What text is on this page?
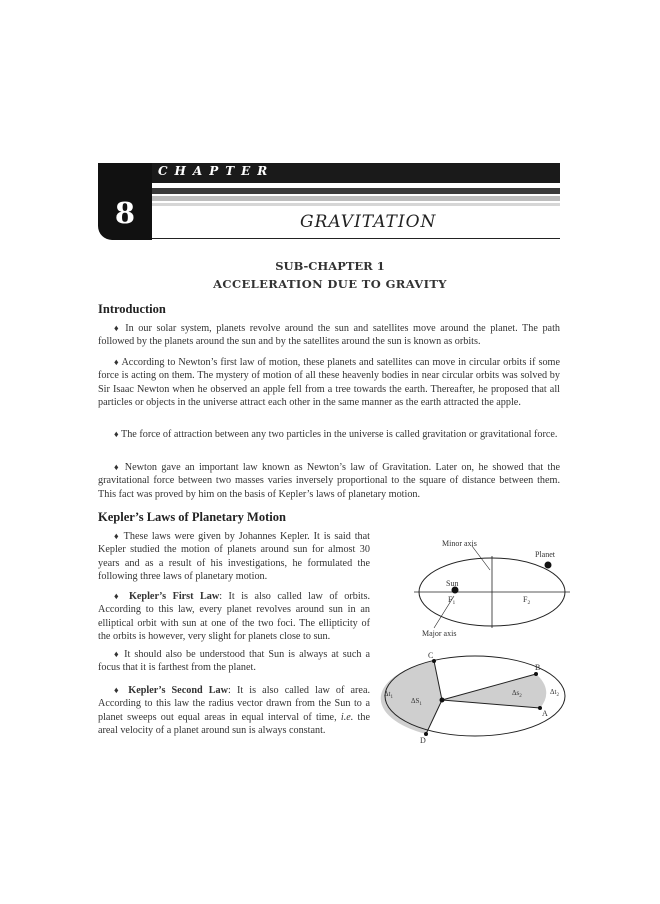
CHAPTER
8	GRAVITATION
SUB-CHAPTER 1
ACCELERATION DUE TO GRAVITY
Introduction
♦ In our solar system, planets revolve around the sun and satellites move around the planet. The path followed by the planets around the sun and by the satellites around the sun is known as orbits.
♦ According to Newton’s first law of motion, these planets and satellites can move in circular orbits if some force is acting on them. The mystery of motion of all these heavenly bodies in near circular orbits was solved by Sir Isaac Newton when he observed an apple fell from a tree towards the earth. Thereafter, he proposed that all particles or objects in the universe attract each other in the same manner as the earth attracted the apple.
♦ The force of attraction between any two particles in the universe is called gravitation or gravitational force.
♦ Newton gave an important law known as Newton’s law of Gravitation. Later on, he showed that the gravitational force between two masses varies inversely proportional to the square of distance between them. This fact was proved by him on the basis of Kepler’s laws of planetary motion.
Kepler’s Laws of Planetary Motion
♦ These laws were given by Johannes Kepler. It is said that Kepler studied the motion of planets around sun for almost 30 years and as a result of his investigations, he formulated the following three laws of planetary motion.
♦ Kepler’s First Law: It is also called law of orbits. According to this law, every planet revolves around sun in an elliptical orbit with sun at one of the two foci. The ellipticity of the orbits is however, very slight for planets close to sun.
♦ It should also be understood that Sun is always at such a focus that it is farthest from the planet.
♦ Kepler’s Second Law: It is also called law of area. According to this law the radius vector drawn from the Sun to a planet sweeps out equal areas in equal interval of time, i.e. the areal velocity of a planet around sun is always constant.
Minor axis
Planet
Sun
$F_1$	$F_2$
Major axis
C
B
A
D
$\Delta t_1$
$\Delta t_2$
$\Delta S_1$
$\Delta s_2$
